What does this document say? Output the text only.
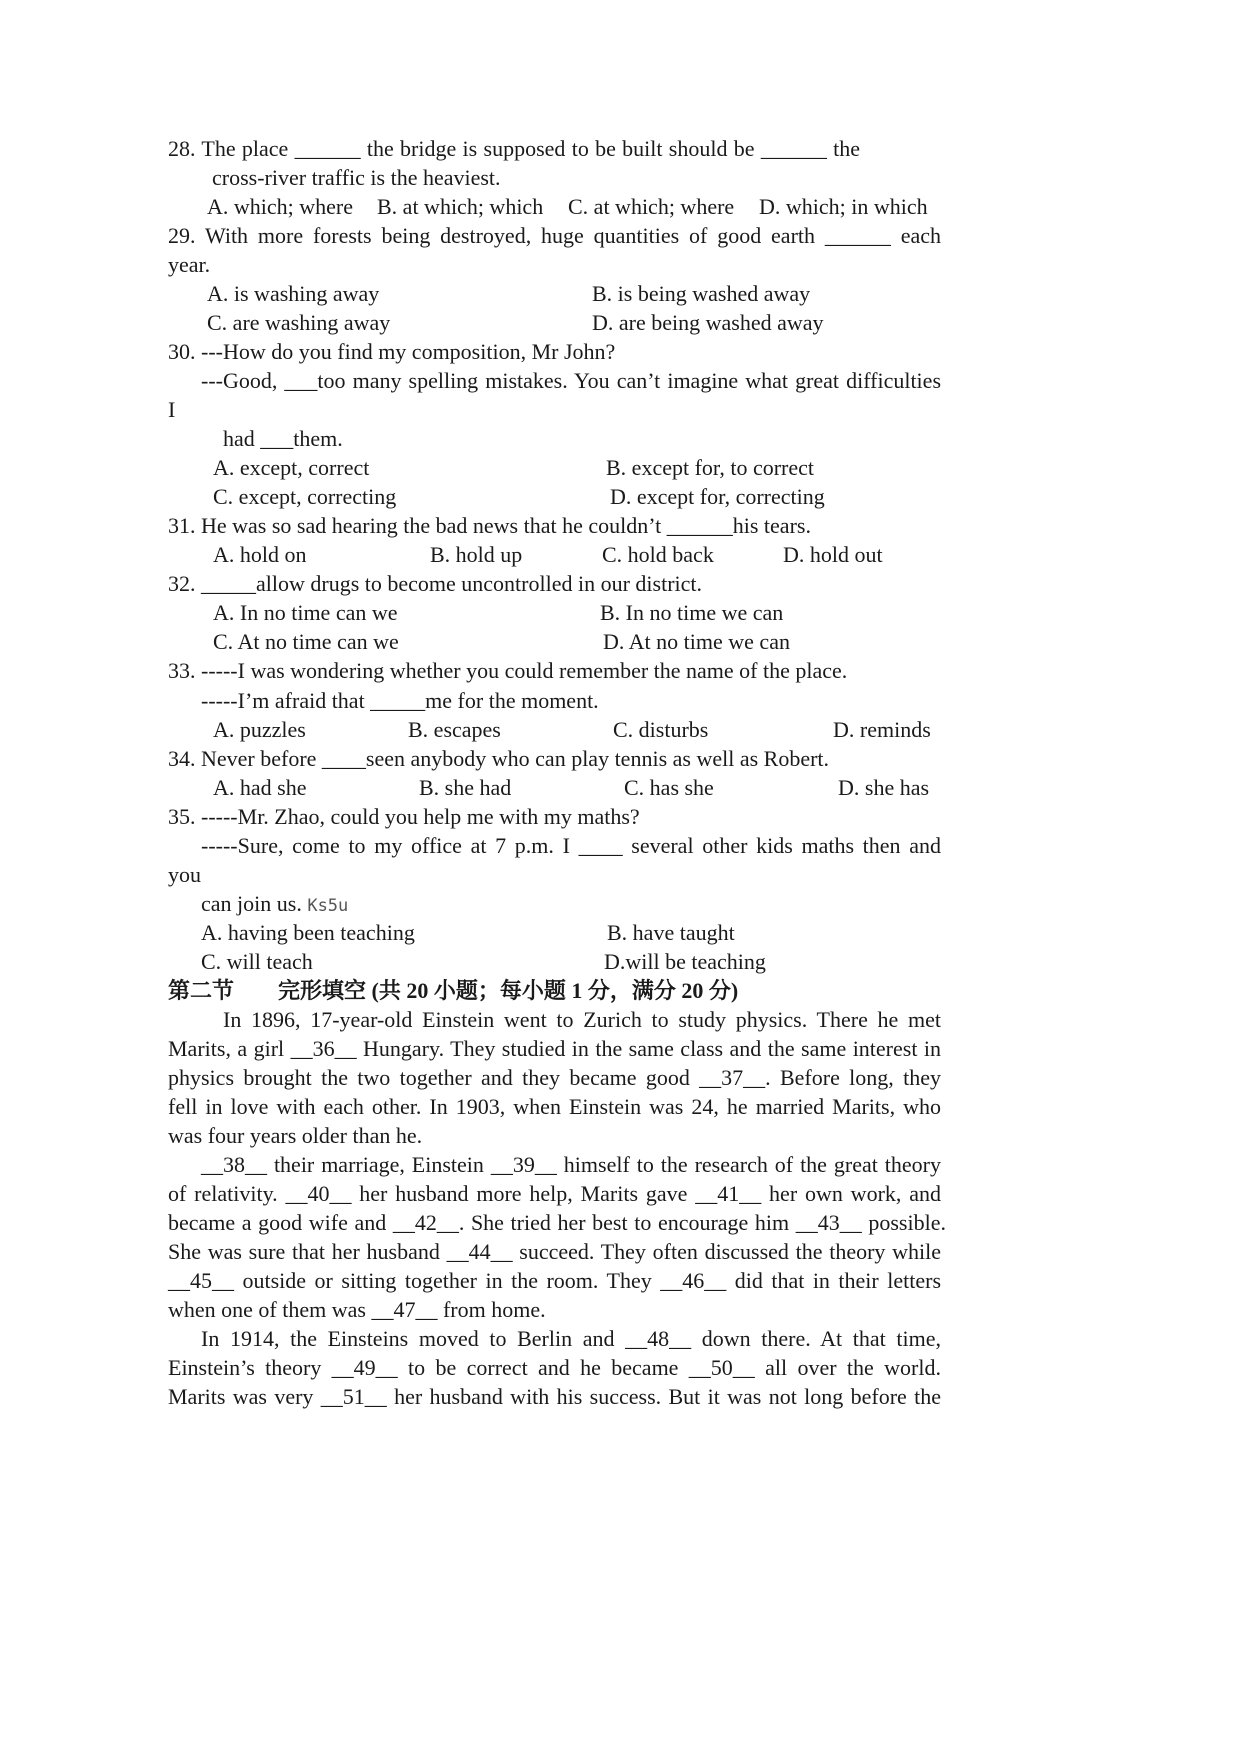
28. The place ______ the bridge is supposed to be built should be ______ the
cross-river traffic is the heaviest.
A. which; where B. at which; which C. at which; where D. which; in which
29. With more forests being destroyed, huge quantities of good earth ______ each
year.
A. is washing away	B. is being washed away
C. are washing away	D. are being washed away
30. ---How do you find my composition, Mr John?
---Good, ___too many spelling mistakes. You can’t imagine what great difficulties
I
had ___them.
A. except, correct	B. except for, to correct
C. except, correcting	D. except for, correcting
31. He was so sad hearing the bad news that he couldn’t ______his tears.
A. hold on	B. hold up	C. hold back	D. hold out
32. _____allow drugs to become uncontrolled in our district.
A. In no time can we	B. In no time we can
C. At no time can we	D. At no time we can
33. -----I was wondering whether you could remember the name of the place.
-----I’m afraid that _____me for the moment.
A. puzzles	B. escapes	C. disturbs	D. reminds
34. Never before ____seen anybody who can play tennis as well as Robert.
A. had she	B. she had	C. has she	D. she has
35. -----Mr. Zhao, could you help me with my maths?
-----Sure, come to my office at 7 p.m. I ____ several other kids maths then and
you
can join us. Ks5u
A. having been teaching	B. have taught
C. will teach	D.will be teaching
第二节　　完形填空 (共 20 小题；每小题 1 分，满分 20 分)
In 1896, 17-year-old Einstein went to Zurich to study physics. There he met
Marits, a girl __36__ Hungary. They studied in the same class and the same interest in
physics brought the two together and they became good __37__. Before long, they
fell in love with each other. In 1903, when Einstein was 24, he married Marits, who
was four years older than he.
__38__ their marriage, Einstein __39__ himself to the research of the great theory
of relativity. __40__ her husband more help, Marits gave __41__ her own work, and
became a good wife and __42__. She tried her best to encourage him __43__ possible.
She was sure that her husband __44__ succeed. They often discussed the theory while
__45__ outside or sitting together in the room. They __46__ did that in their letters
when one of them was __47__ from home.
In 1914, the Einsteins moved to Berlin and __48__ down there. At that time,
Einstein’s theory __49__ to be correct and he became __50__ all over the world.
Marits was very __51__ her husband with his success. But it was not long before the
